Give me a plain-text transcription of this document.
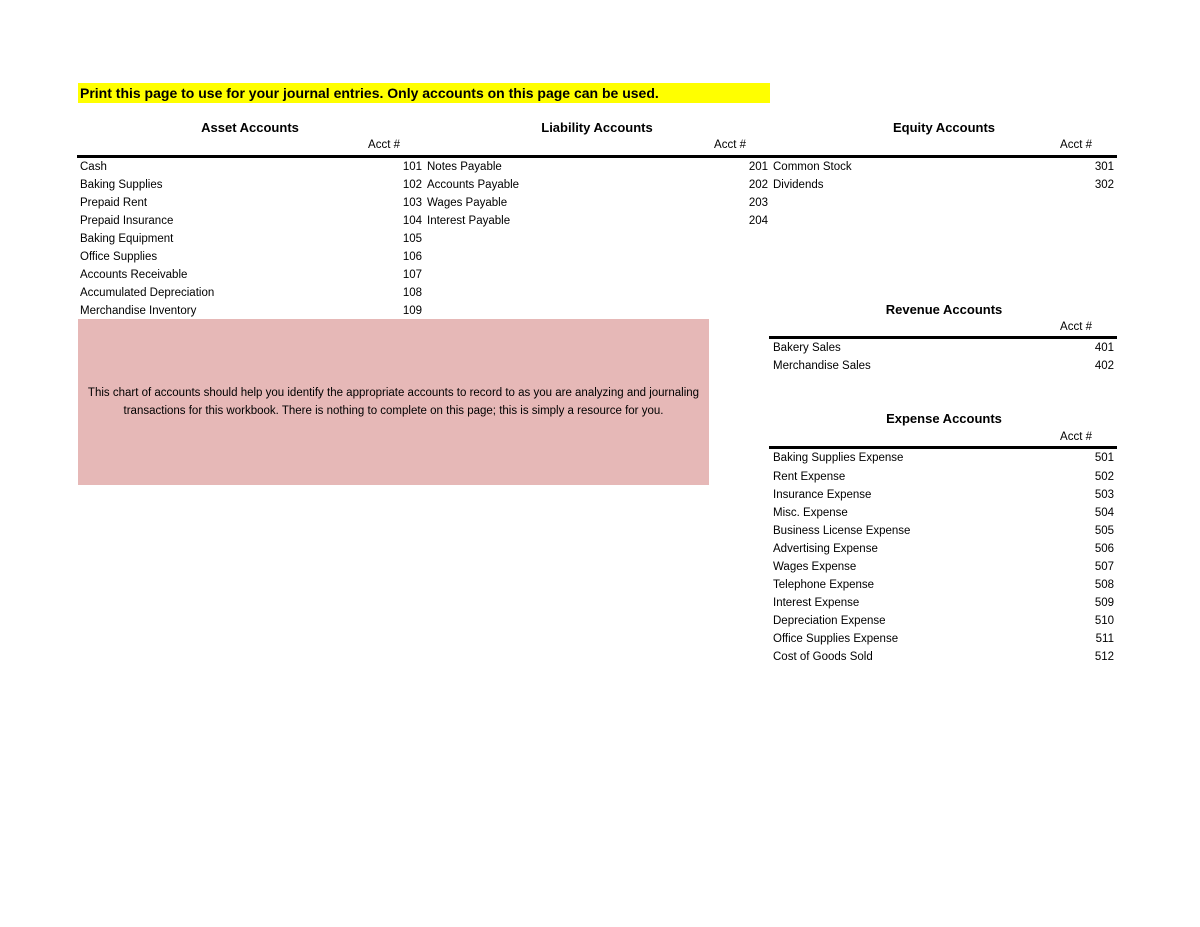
Print this page to use for your journal entries. Only accounts on this page can be used.
Asset Accounts
Acct #
Liability Accounts
Acct #
Equity Accounts
Acct #
Cash	101
Baking Supplies	102
Prepaid Rent	103
Prepaid Insurance	104
Baking Equipment	105
Office Supplies	106
Accounts Receivable	107
Accumulated Depreciation	108
Merchandise Inventory	109
Notes Payable	201
Accounts Payable	202
Wages Payable	203
Interest Payable	204
Common Stock	301
Dividends	302
This chart of accounts should help you identify the appropriate accounts to record to as you are analyzing and journaling transactions for this workbook. There is nothing to complete on this page; this is simply a resource for you.
Revenue Accounts
Acct #
Bakery Sales	401
Merchandise Sales	402
Expense Accounts
Acct #
Baking Supplies Expense	501
Rent Expense	502
Insurance Expense	503
Misc. Expense	504
Business License Expense	505
Advertising Expense	506
Wages Expense	507
Telephone Expense	508
Interest Expense	509
Depreciation Expense	510
Office Supplies Expense	511
Cost of Goods Sold	512
